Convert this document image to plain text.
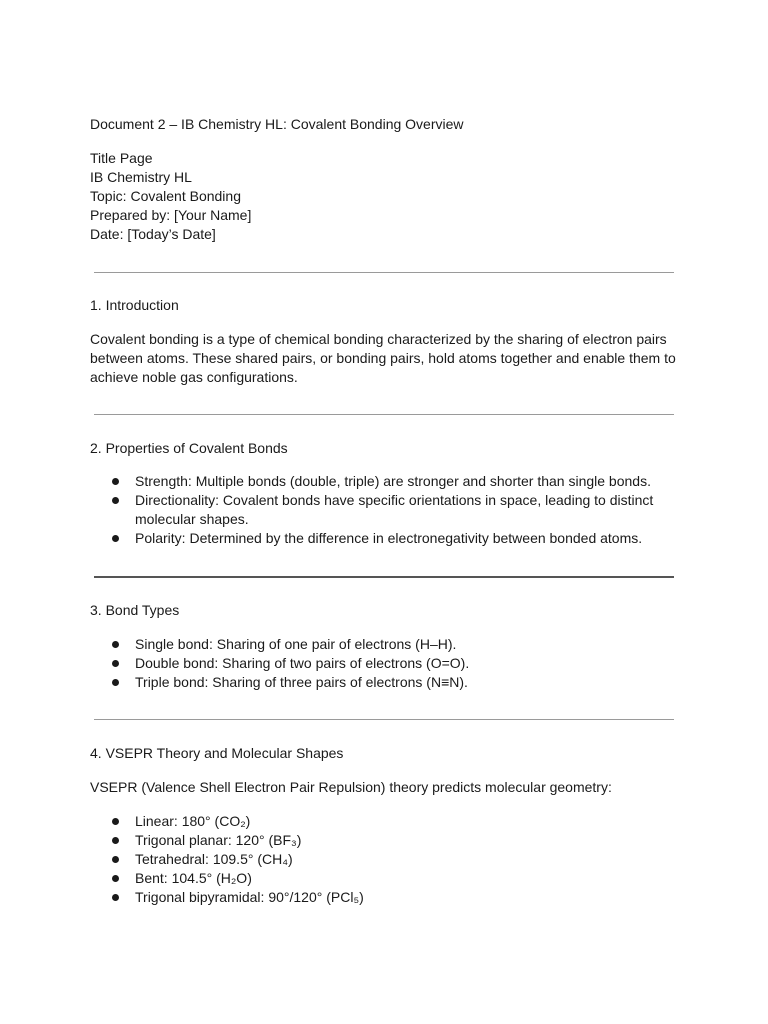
Document 2 – IB Chemistry HL: Covalent Bonding Overview
Title Page
IB Chemistry HL
Topic: Covalent Bonding
Prepared by: [Your Name]
Date: [Today’s Date]
1. Introduction
Covalent bonding is a type of chemical bonding characterized by the sharing of electron pairs between atoms. These shared pairs, or bonding pairs, hold atoms together and enable them to achieve noble gas configurations.
2. Properties of Covalent Bonds
Strength: Multiple bonds (double, triple) are stronger and shorter than single bonds.
Directionality: Covalent bonds have specific orientations in space, leading to distinct molecular shapes.
Polarity: Determined by the difference in electronegativity between bonded atoms.
3. Bond Types
Single bond: Sharing of one pair of electrons (H–H).
Double bond: Sharing of two pairs of electrons (O=O).
Triple bond: Sharing of three pairs of electrons (N≡N).
4. VSEPR Theory and Molecular Shapes
VSEPR (Valence Shell Electron Pair Repulsion) theory predicts molecular geometry:
Linear: 180° (CO₂)
Trigonal planar: 120° (BF₃)
Tetrahedral: 109.5° (CH₄)
Bent: 104.5° (H₂O)
Trigonal bipyramidal: 90°/120° (PCl₅)
